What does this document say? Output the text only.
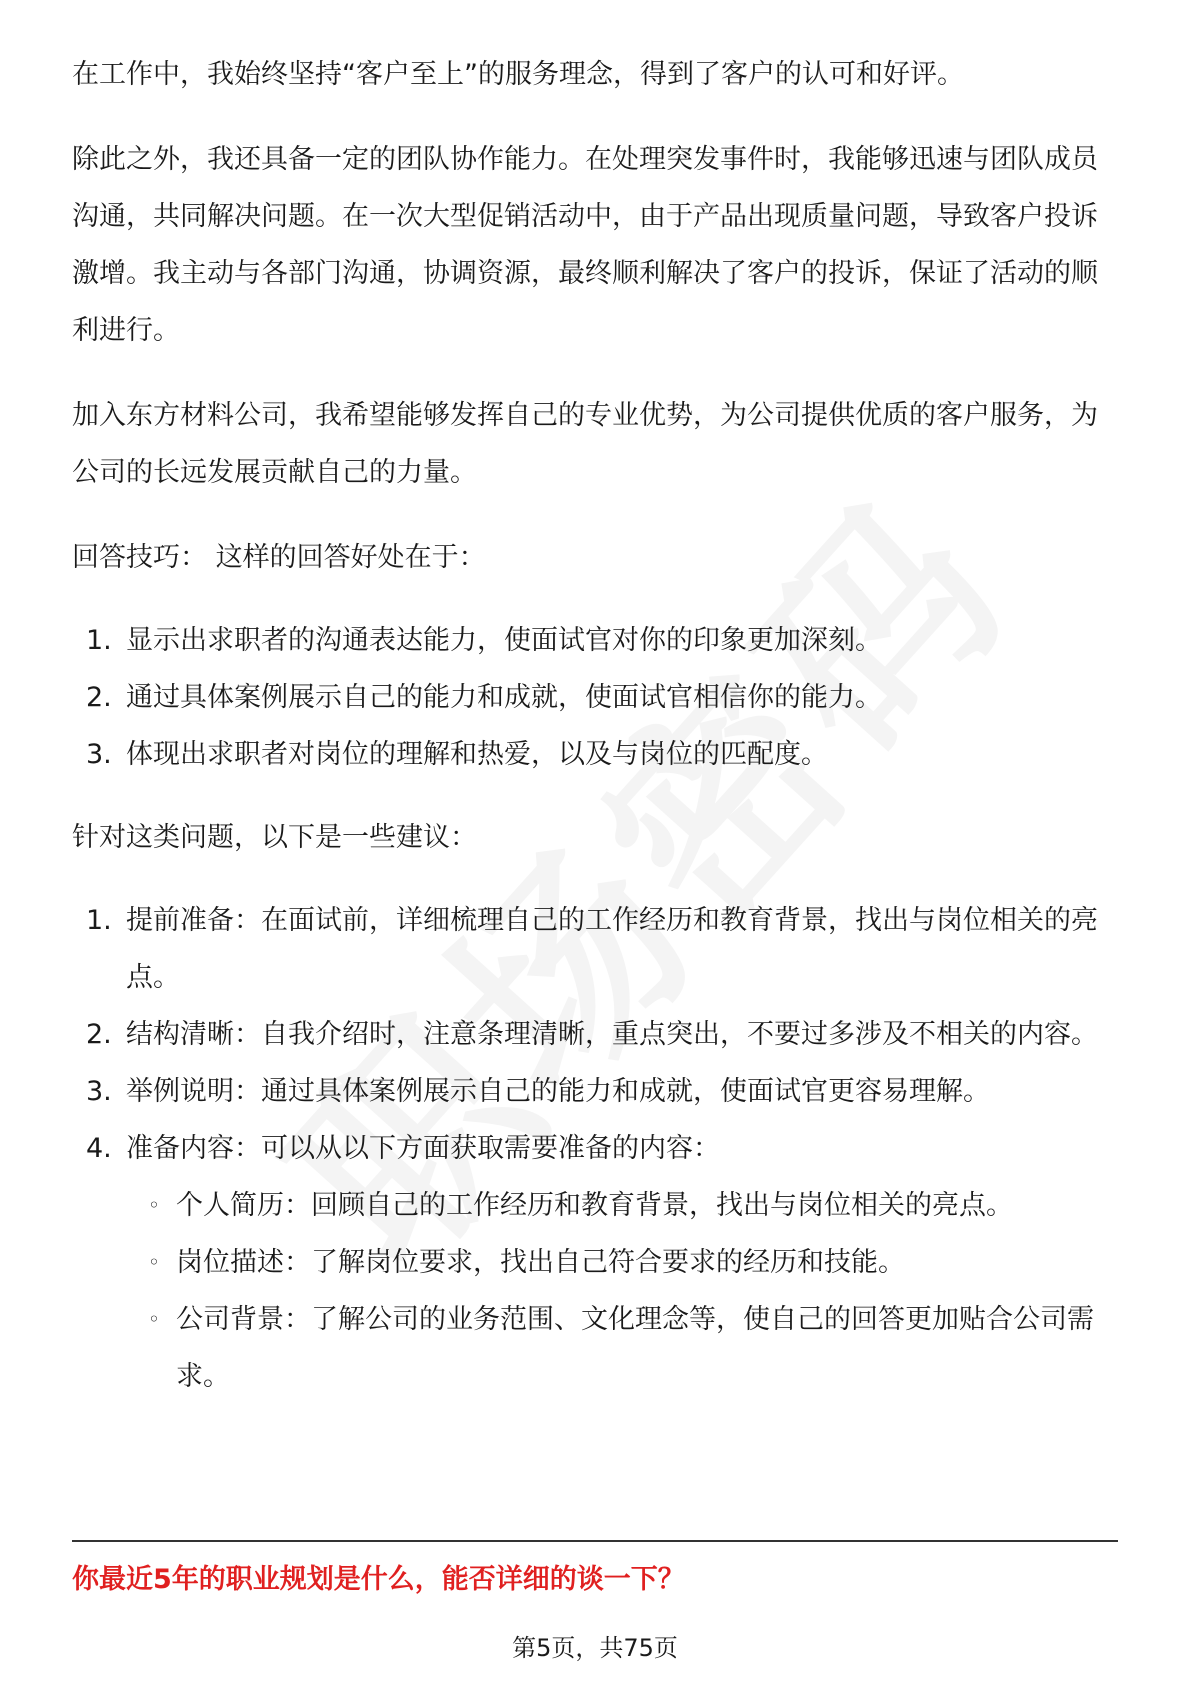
在工作中，我始终坚持“客户至上”的服务理念，得到了客户的认可和好评。

除此之外，我还具备一定的团队协作能力。在处理突发事件时，我能够迅速与团队成员沟通，共同解决问题。在一次大型促销活动中，由于产品出现质量问题，导致客户投诉激增。我主动与各部门沟通，协调资源，最终顺利解决了客户的投诉，保证了活动的顺利进行。

加入东方材料公司，我希望能够发挥自己的专业优势，为公司提供优质的客户服务，为公司的长远发展贡献自己的力量。

回答技巧： 这样的回答好处在于：

1. 显示出求职者的沟通表达能力，使面试官对你的印象更加深刻。
2. 通过具体案例展示自己的能力和成就，使面试官相信你的能力。
3. 体现出求职者对岗位的理解和热爱，以及与岗位的匹配度。

针对这类问题，以下是一些建议：

1. 提前准备：在面试前，详细梳理自己的工作经历和教育背景，找出与岗位相关的亮点。
2. 结构清晰：自我介绍时，注意条理清晰，重点突出，不要过多涉及不相关的内容。
3. 举例说明：通过具体案例展示自己的能力和成就，使面试官更容易理解。
4. 准备内容：可以从以下方面获取需要准备的内容：
◦ 个人简历：回顾自己的工作经历和教育背景，找出与岗位相关的亮点。
◦ 岗位描述：了解岗位要求，找出自己符合要求的经历和技能。
◦ 公司背景：了解公司的业务范围、文化理念等，使自己的回答更加贴合公司需求。
你最近5年的职业规划是什么，能否详细的谈一下？
第5页，共75页
